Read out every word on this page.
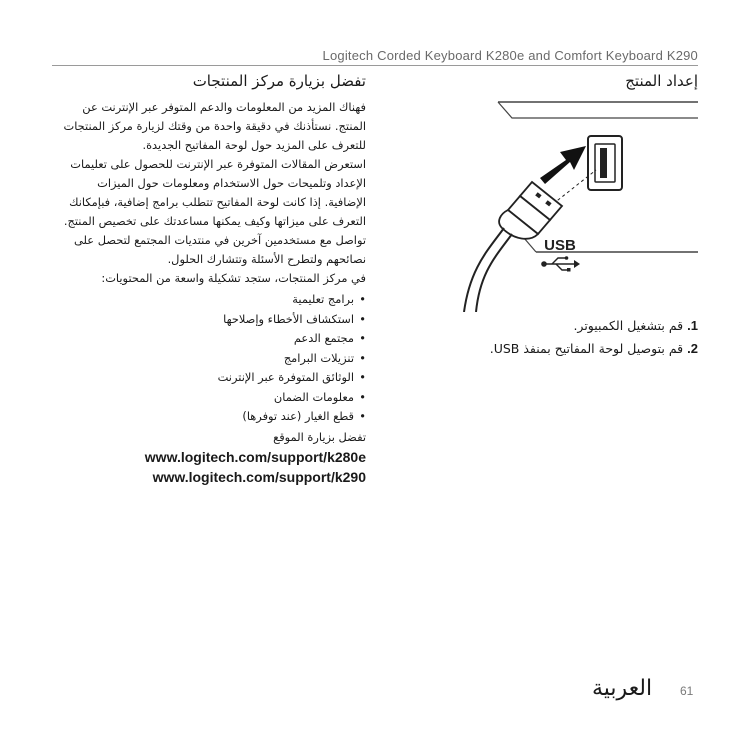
Logitech Corded Keyboard K280e and Comfort Keyboard K290
إعداد المنتج
USB
1.قم بتشغيل الكمبيوتر.
2.قم بتوصيل لوحة المفاتيح بمنفذ USB.
تفضل بزيارة مركز المنتجات

فهناك المزيد من المعلومات والدعم المتوفر عبر الإنترنت عن المنتج. نستأذنك في دقيقة واحدة من وقتك لزيارة مركز المنتجات للتعرف على المزيد حول لوحة المفاتيح الجديدة.

استعرض المقالات المتوفرة عبر الإنترنت للحصول على تعليمات الإعداد وتلميحات حول الاستخدام ومعلومات حول الميزات الإضافية. إذا كانت لوحة المفاتيح تتطلب برامج إضافية، فبإمكانك التعرف على ميزاتها وكيف يمكنها مساعدتك على تخصيص المنتج.

تواصل مع مستخدمين آخرين في منتديات المجتمع لتحصل على نصائحهم ولتطرح الأسئلة وتتشارك الحلول.

في مركز المنتجات، ستجد تشكيلة واسعة من المحتويات:

• برامج تعليمية
• استكشاف الأخطاء وإصلاحها
• مجتمع الدعم
• تنزيلات البرامج
• الوثائق المتوفرة عبر الإنترنت
• معلومات الضمان
• قطع الغيار (عند توفرها)

تفضل بزيارة الموقع

www.logitech.com/support/k280e
www.logitech.com/support/k290
العربية 61
